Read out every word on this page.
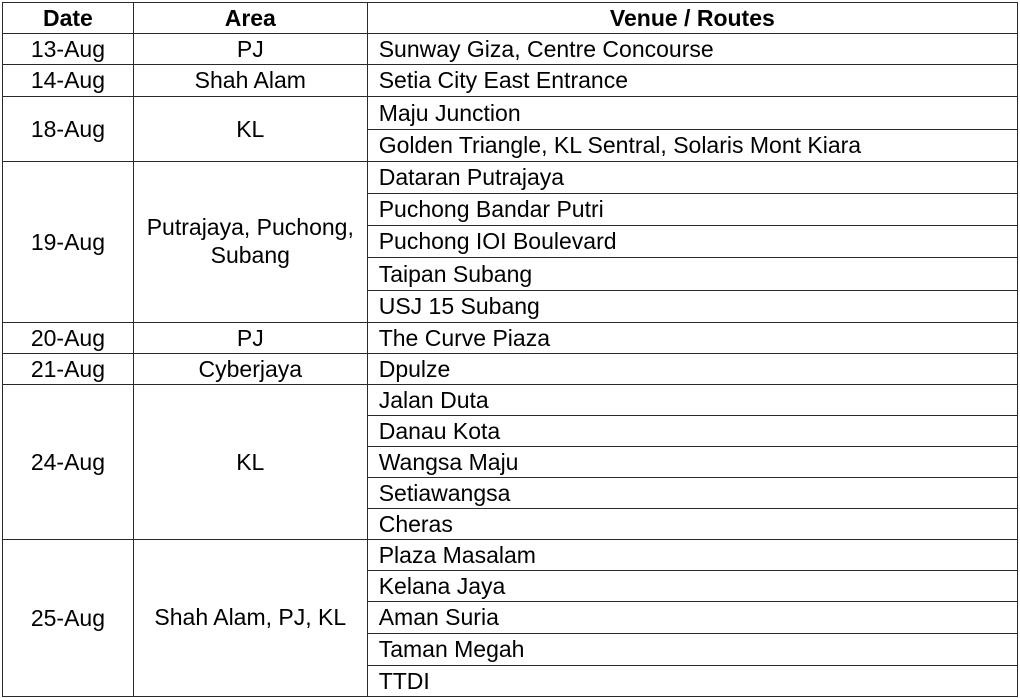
Date	Area	Venue / Routes
13-Aug	PJ	Sunway Giza, Centre Concourse
14-Aug	Shah Alam	Setia City East Entrance
18-Aug	KL	Maju Junction
		Golden Triangle, KL Sentral, Solaris Mont Kiara
19-Aug	Putrajaya, Puchong, Subang	Dataran Putrajaya
		Puchong Bandar Putri
		Puchong IOI Boulevard
		Taipan Subang
		USJ 15 Subang
20-Aug	PJ	The Curve Piaza
21-Aug	Cyberjaya	Dpulze
24-Aug	KL	Jalan Duta
		Danau Kota
		Wangsa Maju
		Setiawangsa
		Cheras
25-Aug	Shah Alam, PJ, KL	Plaza Masalam
		Kelana Jaya
		Aman Suria
		Taman Megah
		TTDI
